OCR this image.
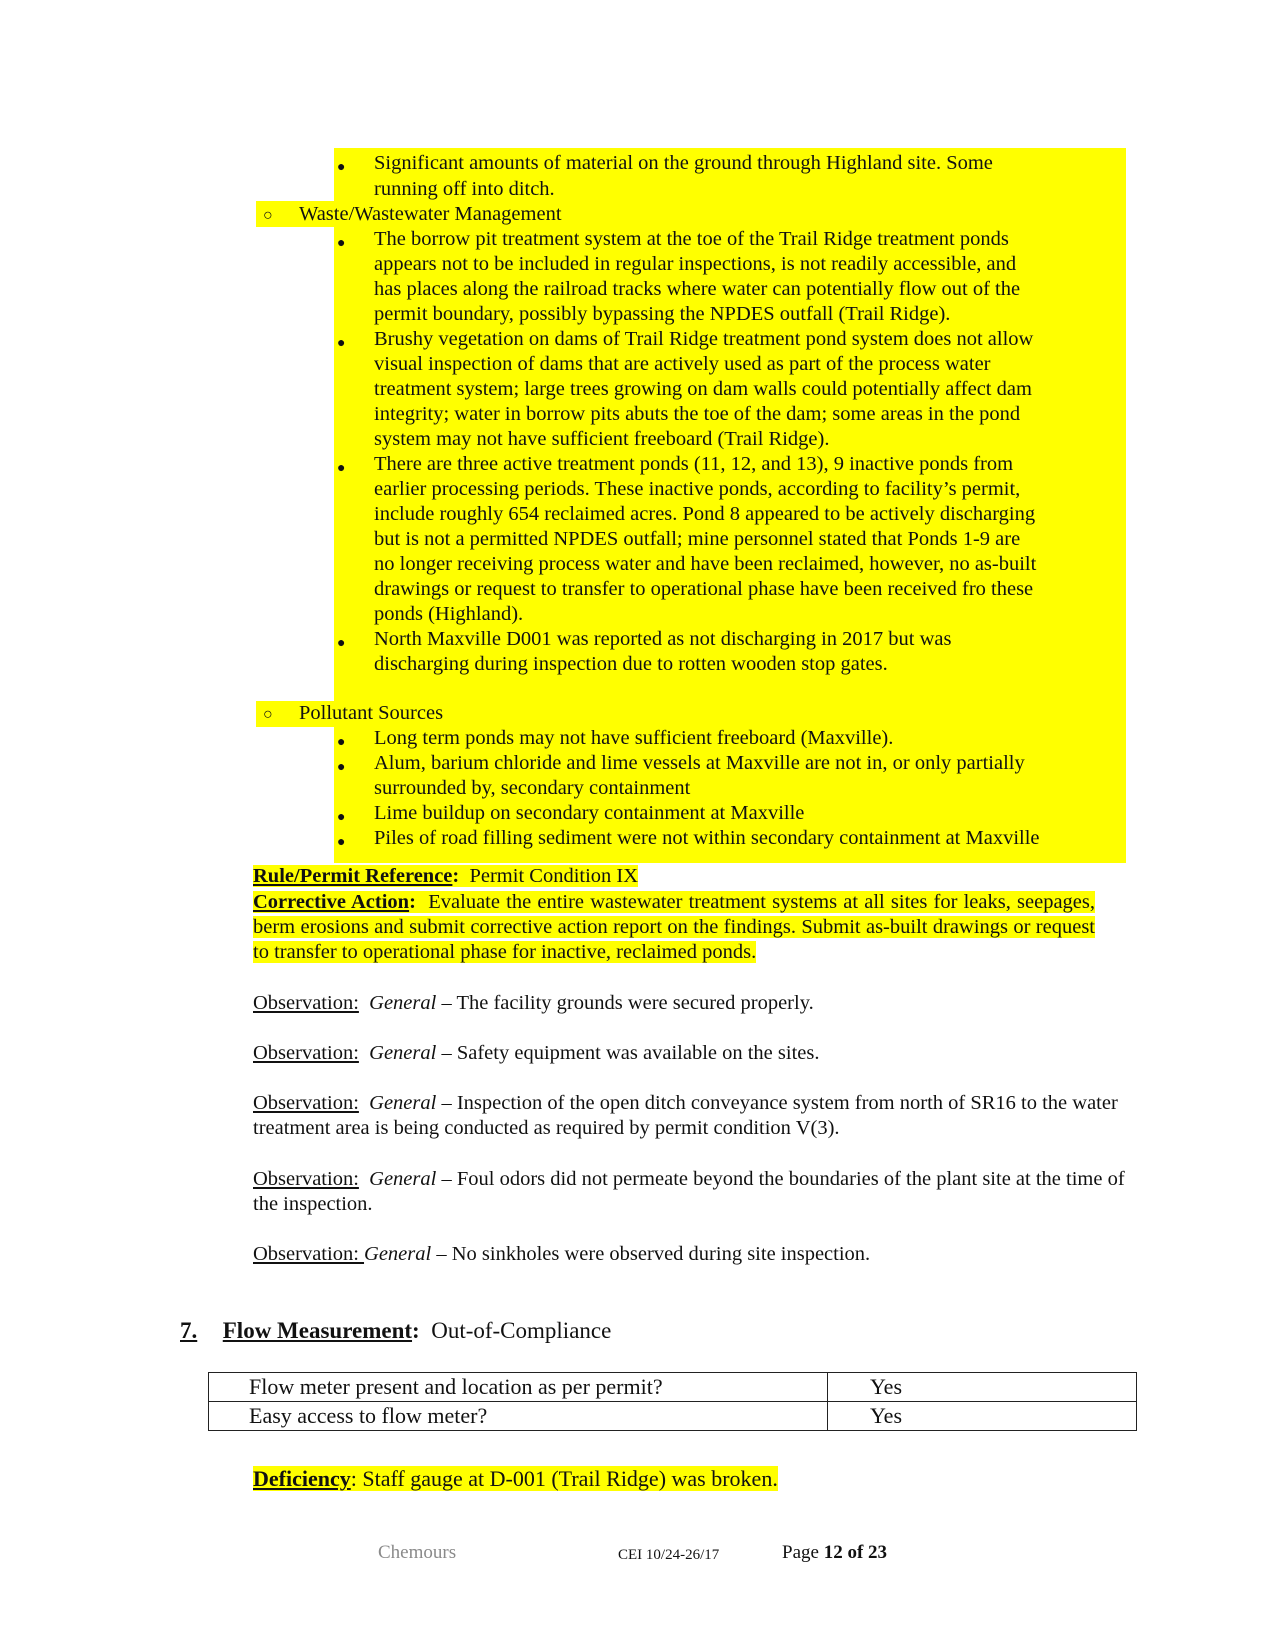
● Significant amounts of material on the ground through Highland site. Some
running off into ditch.
○ Waste/Wastewater Management
● The borrow pit treatment system at the toe of the Trail Ridge treatment ponds
appears not to be included in regular inspections, is not readily accessible, and
has places along the railroad tracks where water can potentially flow out of the
permit boundary, possibly bypassing the NPDES outfall (Trail Ridge).
● Brushy vegetation on dams of Trail Ridge treatment pond system does not allow
visual inspection of dams that are actively used as part of the process water
treatment system; large trees growing on dam walls could potentially affect dam
integrity; water in borrow pits abuts the toe of the dam; some areas in the pond
system may not have sufficient freeboard (Trail Ridge).
● There are three active treatment ponds (11, 12, and 13), 9 inactive ponds from
earlier processing periods. These inactive ponds, according to facility’s permit,
include roughly 654 reclaimed acres. Pond 8 appeared to be actively discharging
but is not a permitted NPDES outfall; mine personnel stated that Ponds 1-9 are
no longer receiving process water and have been reclaimed, however, no as-built
drawings or request to transfer to operational phase have been received fro these
ponds (Highland).
● North Maxville D001 was reported as not discharging in 2017 but was
discharging during inspection due to rotten wooden stop gates.
○ Pollutant Sources
● Long term ponds may not have sufficient freeboard (Maxville).
● Alum, barium chloride and lime vessels at Maxville are not in, or only partially
surrounded by, secondary containment
● Lime buildup on secondary containment at Maxville
● Piles of road filling sediment were not within secondary containment at Maxville
Rule/Permit Reference: Permit Condition IX
Corrective Action: Evaluate the entire wastewater treatment systems at all sites for leaks, seepages, berm erosions and submit corrective action report on the findings. Submit as-built drawings or request to transfer to operational phase for inactive, reclaimed ponds.
Observation: General – The facility grounds were secured properly.
Observation: General – Safety equipment was available on the sites.
Observation: General – Inspection of the open ditch conveyance system from north of SR16 to the water treatment area is being conducted as required by permit condition V(3).
Observation: General – Foul odors did not permeate beyond the boundaries of the plant site at the time of the inspection.
Observation: General – No sinkholes were observed during site inspection.
7. Flow Measurement: Out-of-Compliance
Flow meter present and location as per permit?	Yes
Easy access to flow meter?	Yes
Deficiency: Staff gauge at D-001 (Trail Ridge) was broken.
Chemours	CEI 10/24-26/17	Page 12 of 23
